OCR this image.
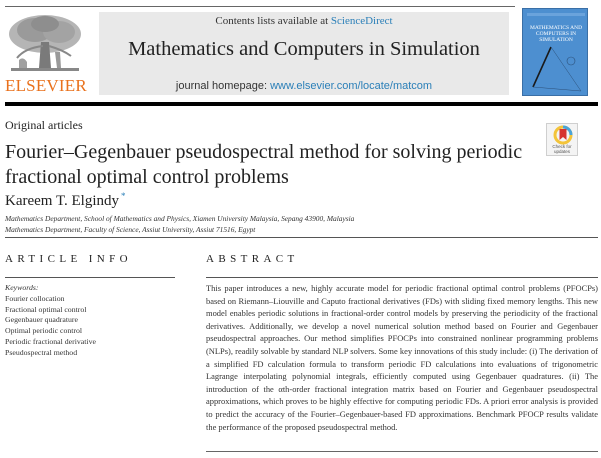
ELSEVIER
Contents lists available at ScienceDirect
Mathematics and Computers in Simulation
journal homepage: www.elsevier.com/locate/matcom
MATHEMATICS AND COMPUTERS IN SIMULATION
Original articles
Check for updates
Fourier–Gegenbauer pseudospectral method for solving periodic fractional optimal control problems
Kareem T. Elgindy *
Mathematics Department, School of Mathematics and Physics, Xiamen University Malaysia, Sepang 43900, Malaysia
Mathematics Department, Faculty of Science, Assiut University, Assiut 71516, Egypt
ARTICLE INFO	ABSTRACT
Keywords:
Fourier collocation
Fractional optimal control
Gegenbauer quadrature
Optimal periodic control
Periodic fractional derivative
Pseudospectral method
This paper introduces a new, highly accurate model for periodic fractional optimal control problems (PFOCPs) based on Riemann–Liouville and Caputo fractional derivatives (FDs) with sliding fixed memory lengths. This new model enables periodic solutions in fractional-order control models by preserving the periodicity of the fractional derivatives. Additionally, we develop a novel numerical solution method based on Fourier and Gegenbauer pseudospectral approaches. Our method simplifies PFOCPs into constrained nonlinear programming problems (NLPs), readily solvable by standard NLP solvers. Some key innovations of this study include: (i) The derivation of a simplified FD calculation formula to transform periodic FD calculations into evaluations of trigonometric Lagrange interpolating polynomial integrals, efficiently computed using Gegenbauer quadratures. (ii) The introduction of the αth-order fractional integration matrix based on Fourier and Gegenbauer pseudospectral approximations, which proves to be highly effective for computing periodic FDs. A priori error analysis is provided to predict the accuracy of the Fourier–Gegenbauer-based FD approximations. Benchmark PFOCP results validate the performance of the proposed pseudospectral method.
